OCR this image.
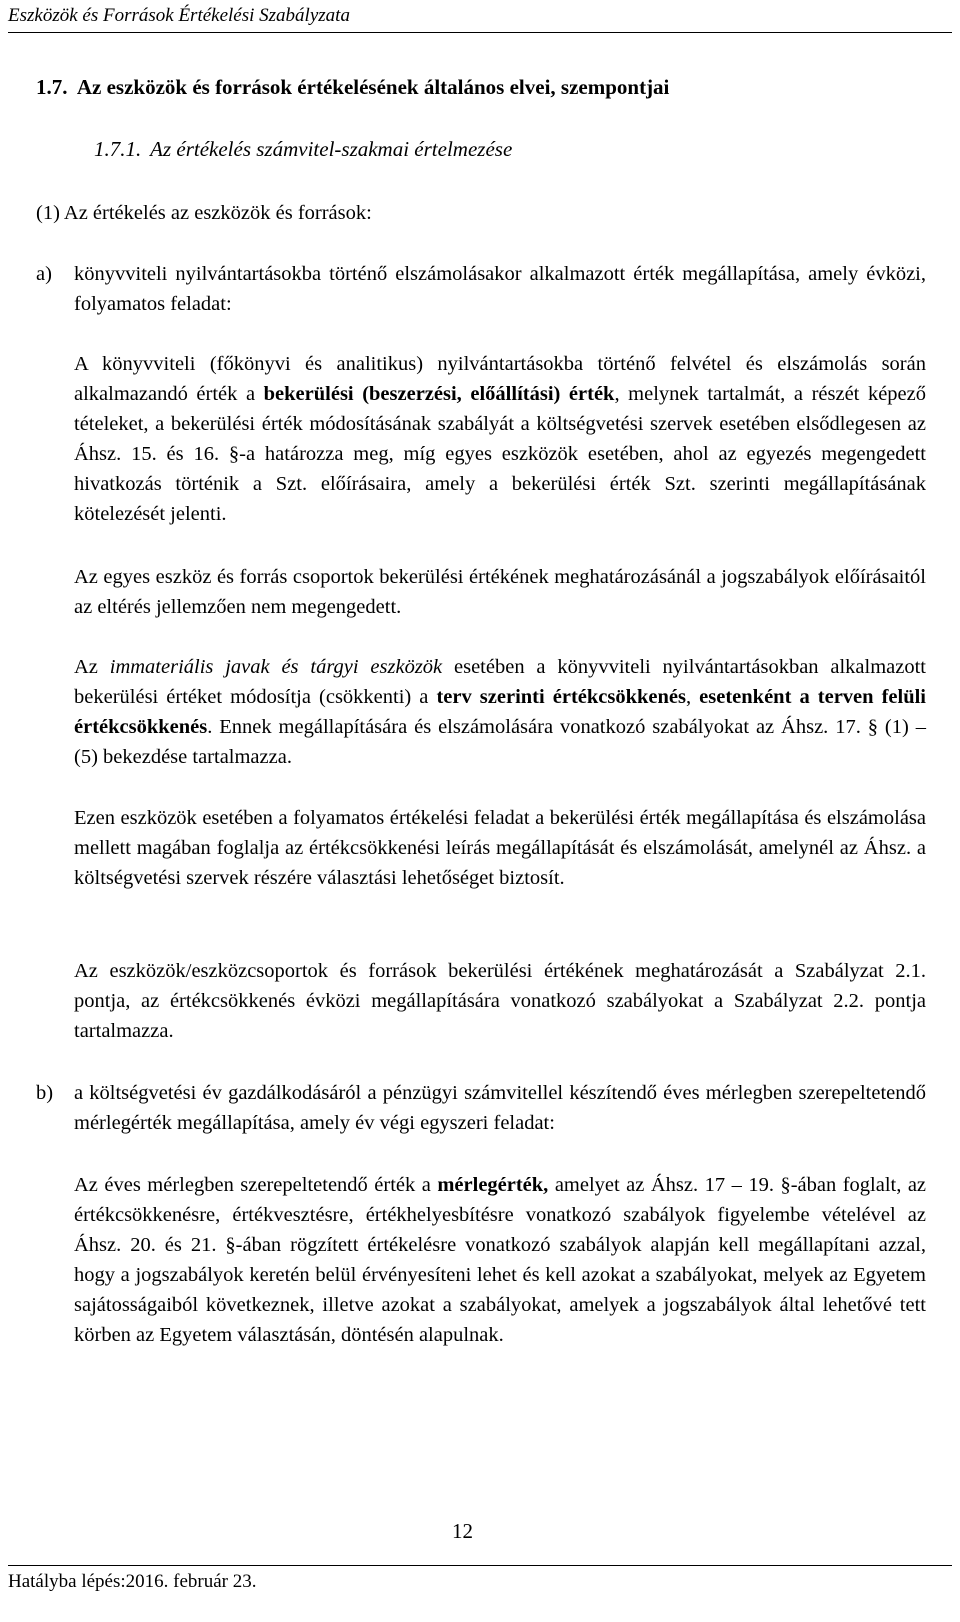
Eszközök és Források Értékelési Szabályzata
1.7. Az eszközök és források értékelésének általános elvei, szempontjai
1.7.1. Az értékelés számvitel-szakmai értelmezése
(1) Az értékelés az eszközök és források:
a) könyvviteli nyilvántartásokba történő elszámolásakor alkalmazott érték megállapítása, amely évközi, folyamatos feladat:

A könyvviteli (főkönyvi és analitikus) nyilvántartásokba történő felvétel és elszámolás során alkalmazandó érték a bekerülési (beszerzési, előállítási) érték, melynek tartalmát, a részét képező tételeket, a bekerülési érték módosításának szabályát a költségvetési szervek esetében elsődlegesen az Áhsz. 15. és 16. §-a határozza meg, míg egyes eszközök esetében, ahol az egyezés megengedett hivatkozás történik a Szt. előírásaira, amely a bekerülési érték Szt. szerinti megállapításának kötelezését jelenti.

Az egyes eszköz és forrás csoportok bekerülési értékének meghatározásánál a jogszabályok előírásaitól az eltérés jellemzően nem megengedett.

Az immateriális javak és tárgyi eszközök esetében a könyvviteli nyilvántartásokban alkalmazott bekerülési értéket módosítja (csökkenti) a terv szerinti értékcsökkenés, esetenként a terven felüli értékcsökkenés. Ennek megállapítására és elszámolására vonatkozó szabályokat az Áhsz. 17. § (1) – (5) bekezdése tartalmazza.

Ezen eszközök esetében a folyamatos értékelési feladat a bekerülési érték megállapítása és elszámolása mellett magában foglalja az értékcsökkenési leírás megállapítását és elszámolását, amelynél az Áhsz. a költségvetési szervek részére választási lehetőséget biztosít.

Az eszközök/eszközcsoportok és források bekerülési értékének meghatározását a Szabályzat 2.1. pontja, az értékcsökkenés évközi megállapítására vonatkozó szabályokat a Szabályzat 2.2. pontja tartalmazza.

b) a költségvetési év gazdálkodásáról a pénzügyi számvitellel készítendő éves mérlegben szerepeltetendő mérlegérték megállapítása, amely év végi egyszeri feladat:

Az éves mérlegben szerepeltetendő érték a mérlegérték, amelyet az Áhsz. 17 – 19. §-ában foglalt, az értékcsökkenésre, értékvesztésre, értékhelyesbítésre vonatkozó szabályok figyelembe vételével az Áhsz. 20. és 21. §-ában rögzített értékelésre vonatkozó szabályok alapján kell megállapítani azzal, hogy a jogszabályok keretén belül érvényesíteni lehet és kell azokat a szabályokat, melyek az Egyetem sajátosságaiból következnek, illetve azokat a szabályokat, amelyek a jogszabályok által lehetővé tett körben az Egyetem választásán, döntésén alapulnak.

12
Hatályba lépés:2016. február 23.
